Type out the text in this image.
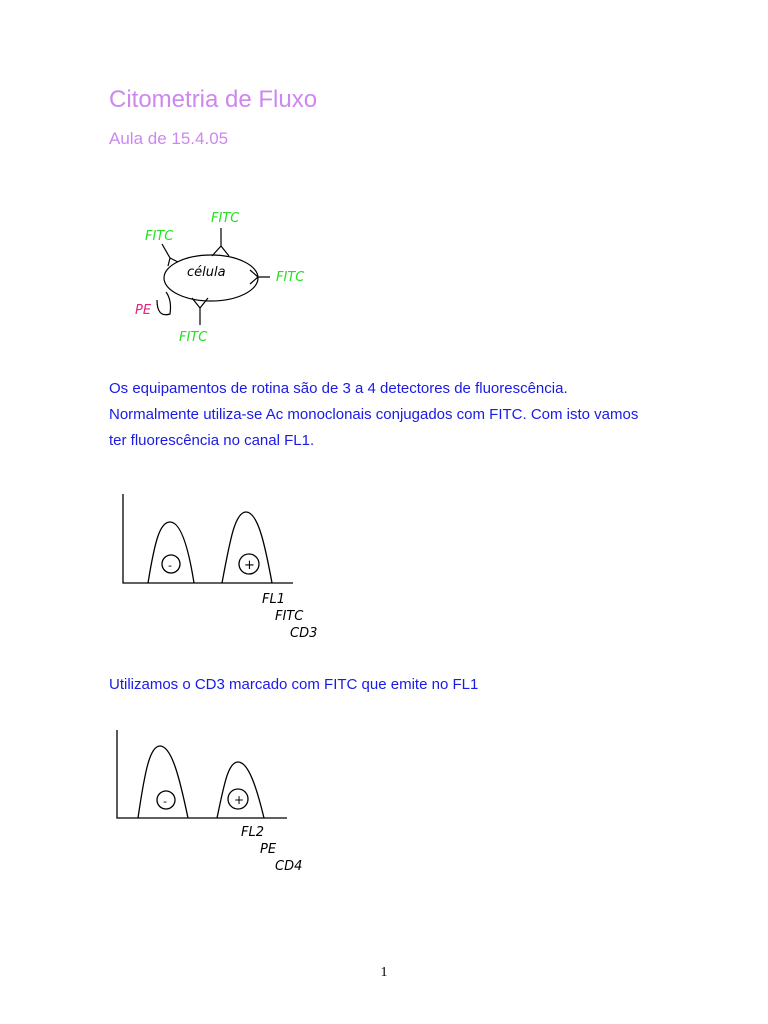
Citometria de Fluxo
Aula de 15.4.05
célula
FITC
FITC
FITC
FITC
PE
-	+
FL1
FITC
CD3
-	+
FL2
PE
CD4
Os equipamentos de rotina são de 3 a 4 detectores de fluorescência.
Normalmente utiliza-se Ac monoclonais conjugados com FITC. Com isto vamos
ter fluorescência no canal FL1.
Utilizamos o CD3 marcado com FITC que emite no FL1
1
